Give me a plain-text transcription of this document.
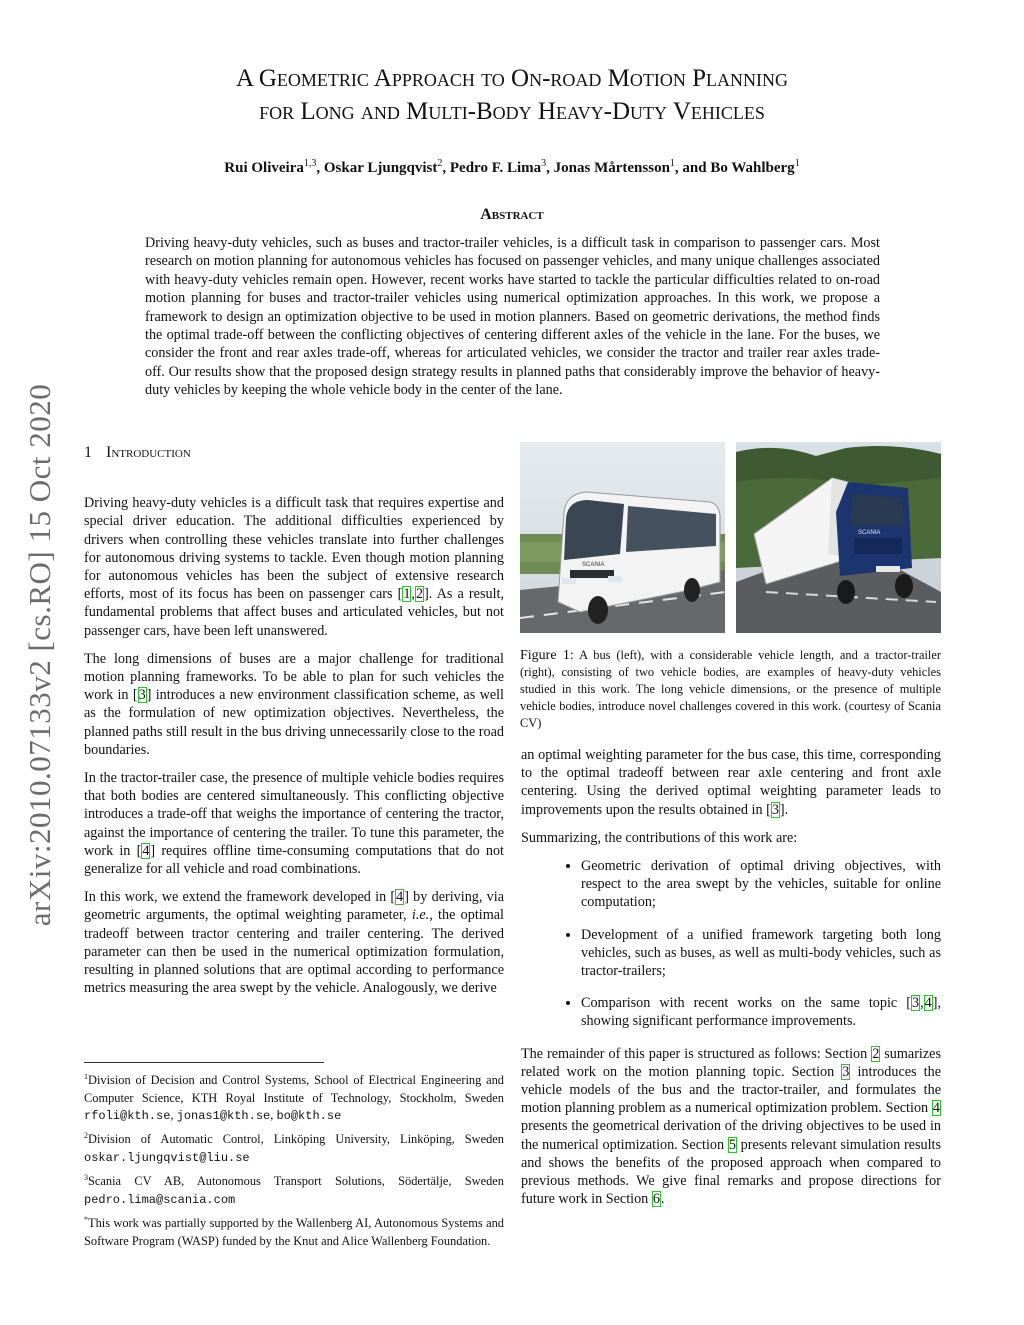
arXiv:2010.07133v2 [cs.RO] 15 Oct 2020
A Geometric Approach to On-road Motion Planning
for Long and Multi-Body Heavy-Duty Vehicles
Rui Oliveira$^{1,3}$, Oskar Ljungqvist$^2$, Pedro F. Lima$^3$, Jonas Mårtensson$^1$, and Bo Wahlberg$^1$
Abstract

Driving heavy-duty vehicles, such as buses and tractor-trailer vehicles, is a difficult task in comparison to passenger cars. Most research on motion planning for autonomous vehicles has focused on passenger vehicles, and many unique challenges associated with heavy-duty vehicles remain open. However, recent works have started to tackle the particular difficulties related to on-road motion planning for buses and tractor-trailer vehicles using numerical optimization approaches. In this work, we propose a framework to design an optimization objective to be used in motion planners. Based on geometric derivations, the method finds the optimal trade-off between the conflicting objectives of centering different axles of the vehicle in the lane. For the buses, we consider the front and rear axles trade-off, whereas for articulated vehicles, we consider the tractor and trailer rear axles trade-off. Our results show that the proposed design strategy results in planned paths that considerably improve the behavior of heavy-duty vehicles by keeping the whole vehicle body in the center of the lane.

1 Introduction

Driving heavy-duty vehicles is a difficult task that requires expertise and special driver education. The additional difficulties experienced by drivers when controlling these vehicles translate into further challenges for autonomous driving systems to tackle. Even though motion planning for autonomous vehicles has been the subject of extensive research efforts, most of its focus has been on passenger cars [1,2]. As a result, fundamental problems that affect buses and articulated vehicles, but not passenger cars, have been left unanswered.

The long dimensions of buses are a major challenge for traditional motion planning frameworks. To be able to plan for such vehicles the work in [3] introduces a new environment classification scheme, as well as the formulation of new optimization objectives. Nevertheless, the planned paths still result in the bus driving unnecessarily close to the road boundaries.

In the tractor-trailer case, the presence of multiple vehicle bodies requires that both bodies are centered simultaneously. This conflicting objective introduces a trade-off that weighs the importance of centering the tractor, against the importance of centering the trailer. To tune this parameter, the work in [4] requires offline time-consuming computations that do not generalize for all vehicle and road combinations.

In this work, we extend the framework developed in [4] by deriving, via geometric arguments, the optimal weighting parameter, i.e., the optimal tradeoff between tractor centering and trailer centering. The derived parameter can then be used in the numerical optimization formulation, resulting in planned solutions that are optimal according to performance metrics measuring the area swept by the vehicle. Analogously, we derive

SCANIA
SCANIA
Figure 1: A bus (left), with a considerable vehicle length, and a tractor-trailer (right), consisting of two vehicle bodies, are examples of heavy-duty vehicles studied in this work. The long vehicle dimensions, or the presence of multiple vehicle bodies, introduce novel challenges covered in this work. (courtesy of Scania CV)

an optimal weighting parameter for the bus case, this time, corresponding to the optimal tradeoff between rear axle centering and front axle centering. Using the derived optimal weighting parameter leads to improvements upon the results obtained in [3].

Summarizing, the contributions of this work are:

• Geometric derivation of optimal driving objectives, with respect to the area swept by the vehicles, suitable for online computation;
• Development of a unified framework targeting both long vehicles, such as buses, as well as multi-body vehicles, such as tractor-trailers;
• Comparison with recent works on the same topic [3,4], showing significant performance improvements.

The remainder of this paper is structured as follows: Section 2 sumarizes related work on the motion planning topic. Section 3 introduces the vehicle models of the bus and the tractor-trailer, and formulates the motion planning problem as a numerical optimization problem. Section 4 presents the geometrical derivation of the driving objectives to be used in the numerical optimization. Section 5 presents relevant simulation results and shows the benefits of the proposed approach when compared to previous methods. We give final remarks and propose directions for future work in Section 6.

$^1$Division of Decision and Control Systems, School of Electrical Engineering and Computer Science, KTH Royal Institute of Technology, Stockholm, Sweden rfoli@kth.se, jonas1@kth.se, bo@kth.se

$^2$Division of Automatic Control, Linköping University, Linköping, Sweden oskar.ljungqvist@liu.se

$^3$Scania CV AB, Autonomous Transport Solutions, Södertälje, Sweden pedro.lima@scania.com

*This work was partially supported by the Wallenberg AI, Autonomous Systems and Software Program (WASP) funded by the Knut and Alice Wallenberg Foundation.
